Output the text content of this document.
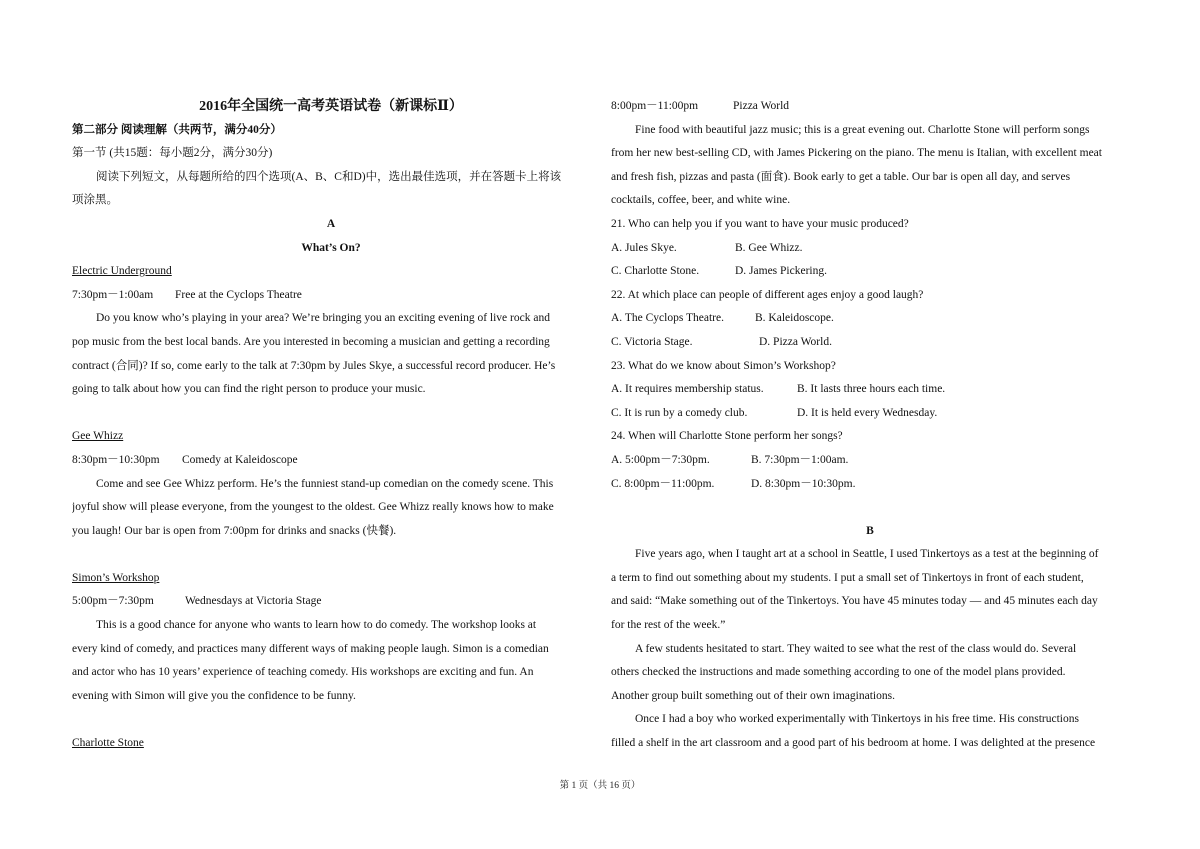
2016年全国统一高考英语试卷（新课标Ⅱ）
第二部分 阅读理解（共两节，满分40分）
第一节 (共15题：每小题2分，满分30分)
阅读下列短文，从每题所给的四个选项(A、B、C和D)中，选出最佳选项，并在答题卡上将该
项涂黑。
A
What’s On?
Electric Underground
7:30pm－1:00am Free at the Cyclops Theatre
Do you know who’s playing in your area? We’re bringing you an exciting evening of live rock and
pop music from the best local bands. Are you interested in becoming a musician and getting a recording
contract (合同)? If so, come early to the talk at 7:30pm by Jules Skye, a successful record producer. He’s
going to talk about how you can find the right person to produce your music.
Gee Whizz
8:30pm－10:30pm Comedy at Kaleidoscope
Come and see Gee Whizz perform. He’s the funniest stand-up comedian on the comedy scene. This
joyful show will please everyone, from the youngest to the oldest. Gee Whizz really knows how to make
you laugh! Our bar is open from 7:00pm for drinks and snacks (快餐).
Simon’s Workshop
5:00pm－7:30pm	Wednesdays at Victoria Stage
This is a good chance for anyone who wants to learn how to do comedy. The workshop looks at
every kind of comedy, and practices many different ways of making people laugh. Simon is a comedian
and actor who has 10 years’ experience of teaching comedy. His workshops are exciting and fun. An
evening with Simon will give you the confidence to be funny.
Charlotte Stone
8:00pm－11:00pm	Pizza World
Fine food with beautiful jazz music; this is a great evening out. Charlotte Stone will perform songs
from her new best-selling CD, with James Pickering on the piano. The menu is Italian, with excellent meat
and fresh fish, pizzas and pasta (面食). Book early to get a table. Our bar is open all day, and serves
cocktails, coffee, beer, and white wine.
21. Who can help you if you want to have your music produced?
A. Jules Skye.	B. Gee Whizz.
C. Charlotte Stone.	D. James Pickering.
22. At which place can people of different ages enjoy a good laugh?
A. The Cyclops Theatre.	B. Kaleidoscope.
C. Victoria Stage.	D. Pizza World.
23. What do we know about Simon’s Workshop?
A. It requires membership status.	B. It lasts three hours each time.
C. It is run by a comedy club.	D. It is held every Wednesday.
24. When will Charlotte Stone perform her songs?
A. 5:00pm－7:30pm.	B. 7:30pm－1:00am.
C. 8:00pm－11:00pm.	D. 8:30pm－10:30pm.
B
Five years ago, when I taught art at a school in Seattle, I used Tinkertoys as a test at the beginning of
a term to find out something about my students. I put a small set of Tinkertoys in front of each student,
and said: “Make something out of the Tinkertoys. You have 45 minutes today — and 45 minutes each day
for the rest of the week.”
A few students hesitated to start. They waited to see what the rest of the class would do. Several
others checked the instructions and made something according to one of the model plans provided.
Another group built something out of their own imaginations.
Once I had a boy who worked experimentally with Tinkertoys in his free time. His constructions
filled a shelf in the art classroom and a good part of his bedroom at home. I was delighted at the presence
第 1 页（共 16 页）
